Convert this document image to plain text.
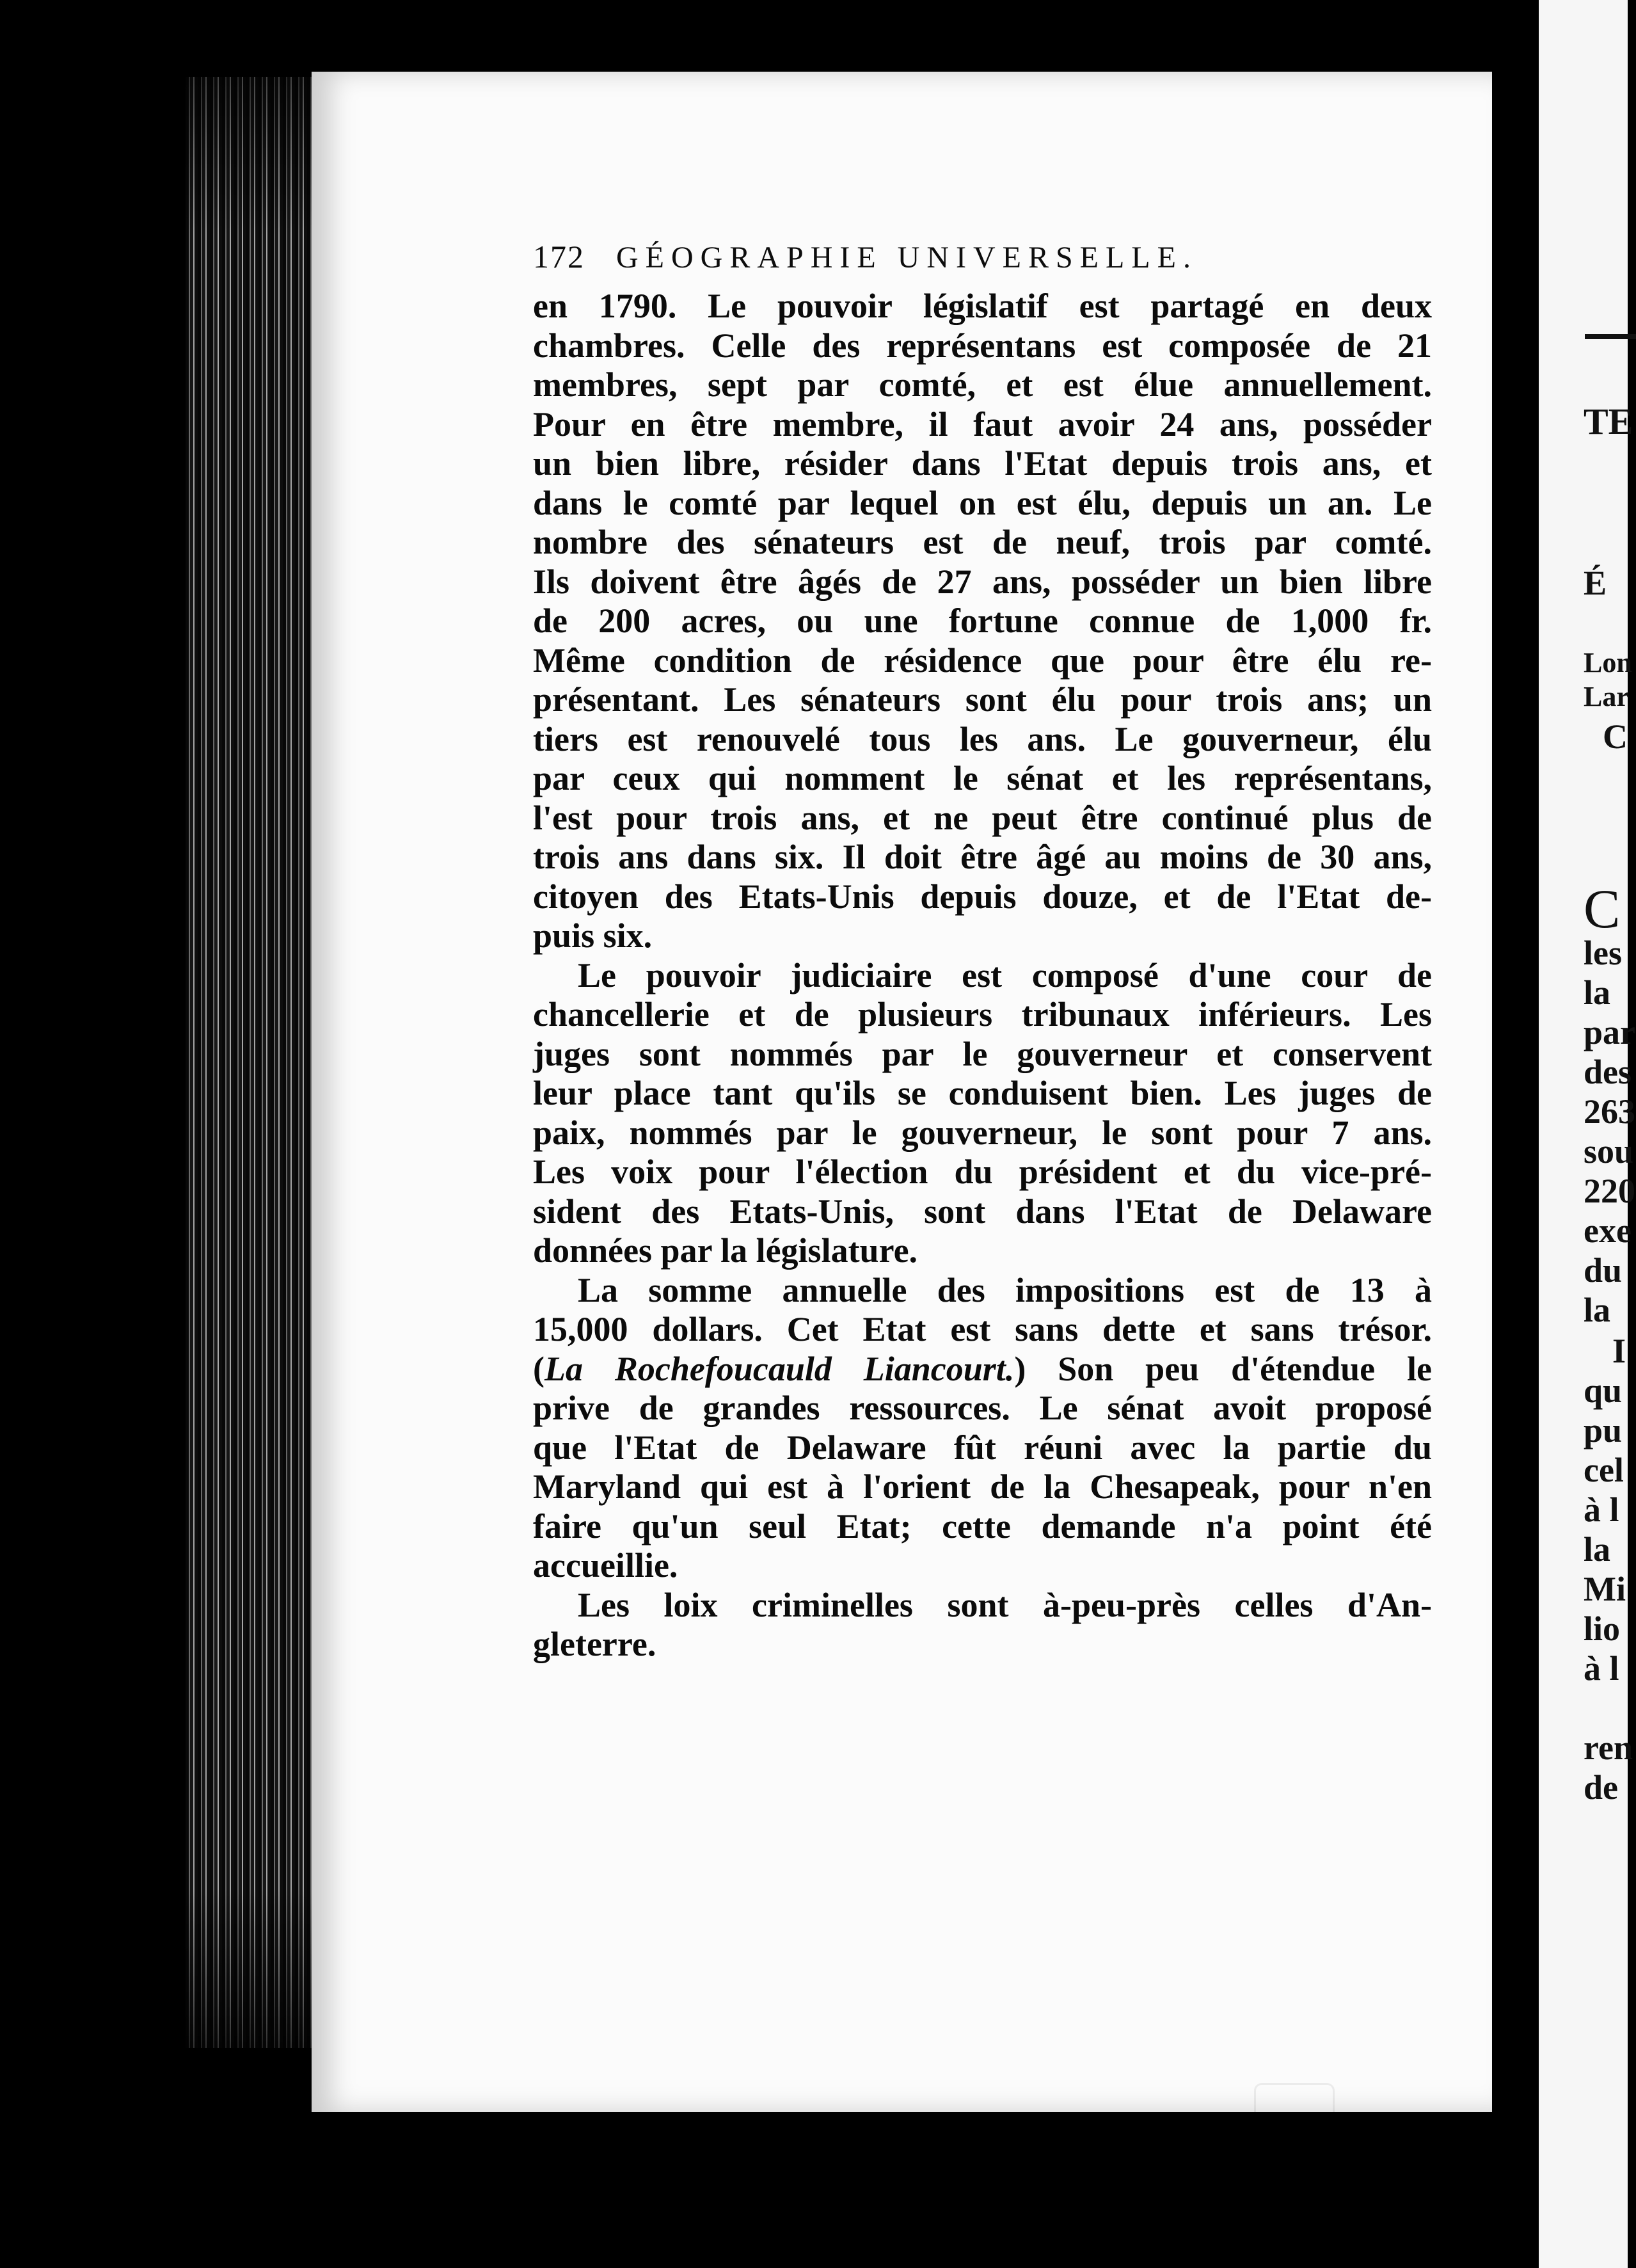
172	GÉOGRAPHIE UNIVERSELLE.
en 1790. Le pouvoir législatif est partagé en deux
chambres. Celle des représentans est composée de 21
membres, sept par comté, et est élue annuellement.
Pour en être membre, il faut avoir 24 ans, posséder
un bien libre, résider dans l'Etat depuis trois ans, et
dans le comté par lequel on est élu, depuis un an. Le
nombre des sénateurs est de neuf, trois par comté.
Ils doivent être âgés de 27 ans, posséder un bien libre
de 200 acres, ou une fortune connue de 1,000 fr.
Même condition de résidence que pour être élu re-
présentant. Les sénateurs sont élu pour trois ans; un
tiers est renouvelé tous les ans. Le gouverneur, élu
par ceux qui nomment le sénat et les représentans,
l'est pour trois ans, et ne peut être continué plus de
trois ans dans six. Il doit être âgé au moins de 30 ans,
citoyen des Etats-Unis depuis douze, et de l'Etat de-
puis six.
Le pouvoir judiciaire est composé d'une cour de
chancellerie et de plusieurs tribunaux inférieurs. Les
juges sont nommés par le gouverneur et conservent
leur place tant qu'ils se conduisent bien. Les juges de
paix, nommés par le gouverneur, le sont pour 7 ans.
Les voix pour l'élection du président et du vice-pré-
sident des Etats-Unis, sont dans l'Etat de Delaware
données par la législature.
La somme annuelle des impositions est de 13 à
15,000 dollars. Cet Etat est sans dette et sans trésor.
(La Rochefoucauld Liancourt.) Son peu d'étendue le
prive de grandes ressources. Le sénat avoit proposé
que l'Etat de Delaware fût réuni avec la partie du
Maryland qui est à l'orient de la Chesapeak, pour n'en
faire qu'un seul Etat; cette demande n'a point été
accueillie.
Les loix criminelles sont à-peu-près celles d'An-
gleterre.
TE
É
Lon
Lar
C
C
les
la
par
des
263
sou
220
exe
du
la
I
qu
pu
cel
à l
la
Mi
lio
à l
ren
de
